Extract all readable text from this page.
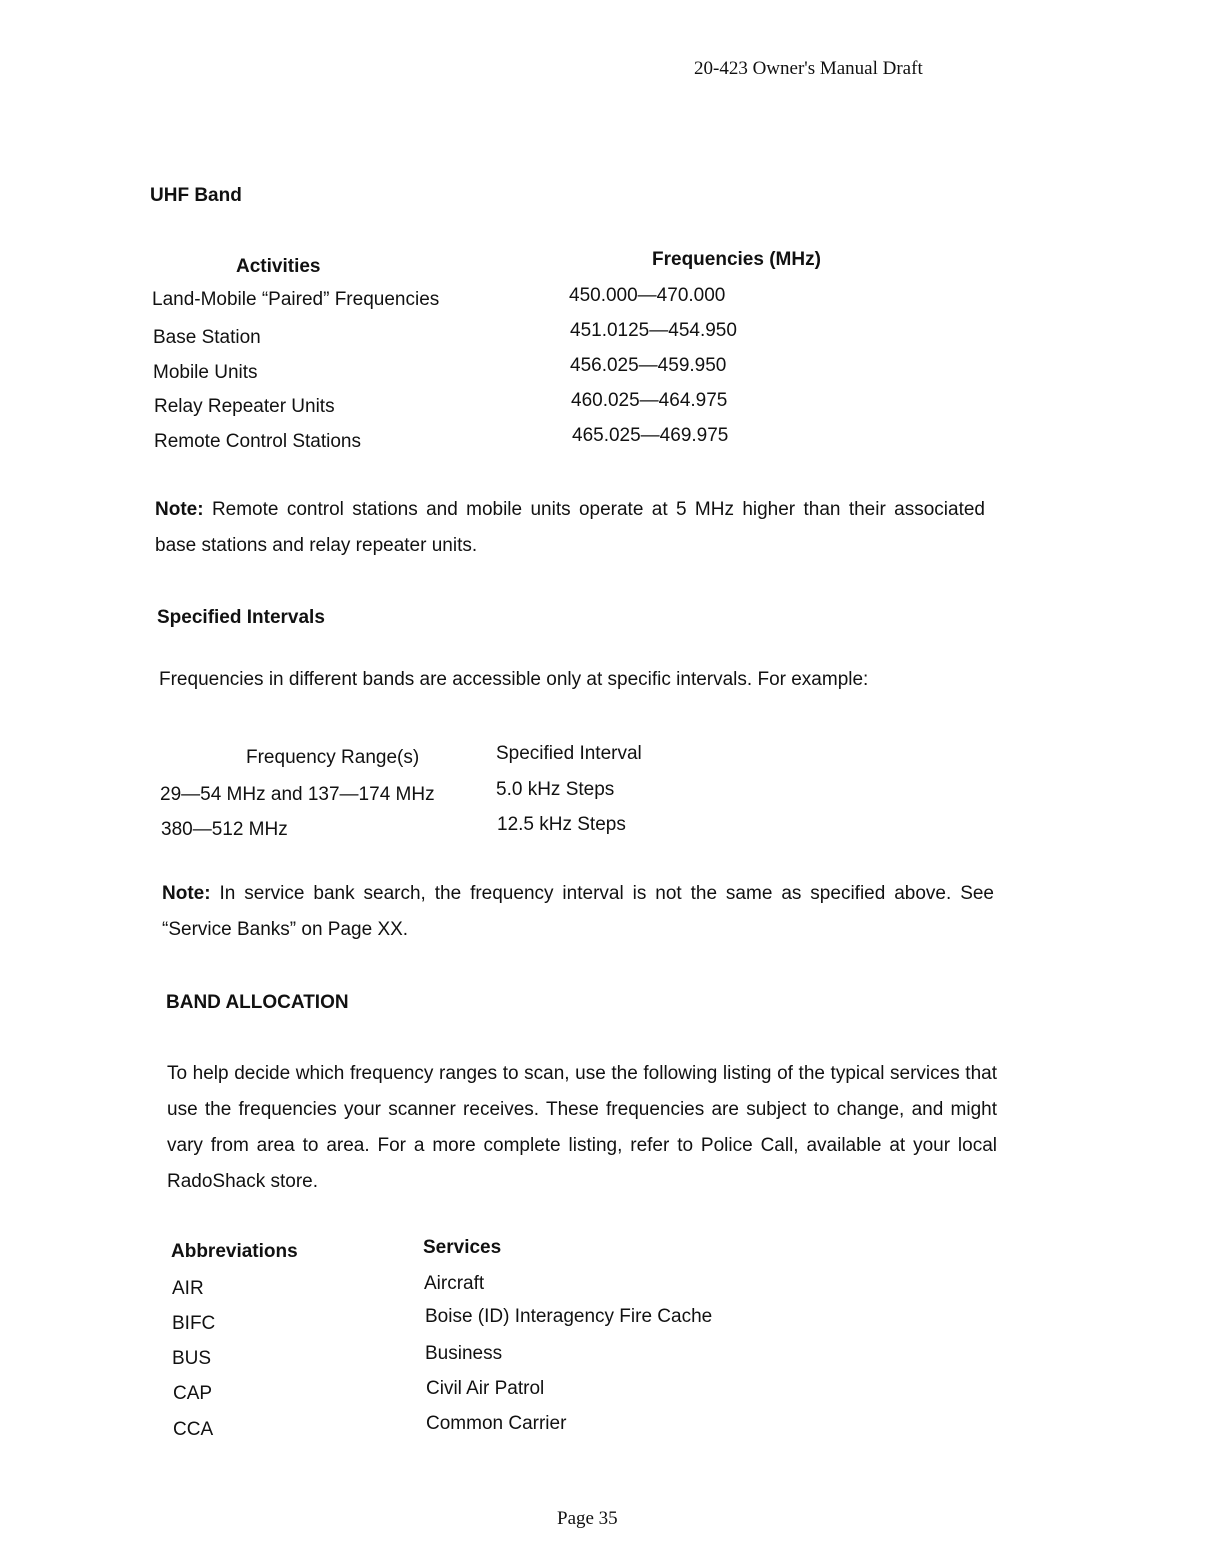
20-423 Owner's Manual Draft
UHF Band
Activities	Frequencies (MHz)
Land-Mobile “Paired” Frequencies	450.000—470.000
Base Station	451.0125—454.950
Mobile Units	456.025—459.950
Relay Repeater Units	460.025—464.975
Remote Control Stations	465.025—469.975
Note: Remote control stations and mobile units operate at 5 MHz higher than their associated base stations and relay repeater units.
Specified Intervals
Frequencies in different bands are accessible only at specific intervals. For example:
Frequency Range(s)	Specified Interval
29—54 MHz and 137—174 MHz	5.0 kHz Steps
380—512 MHz	12.5 kHz Steps
Note: In service bank search, the frequency interval is not the same as specified above. See “Service Banks” on Page XX.
BAND ALLOCATION
To help decide which frequency ranges to scan, use the following listing of the typical services that use the frequencies your scanner receives. These frequencies are subject to change, and might vary from area to area. For a more complete listing, refer to Police Call, available at your local RadoShack store.
Abbreviations	Services
AIR	Aircraft
BIFC	Boise (ID) Interagency Fire Cache
BUS	Business
CAP	Civil Air Patrol
CCA	Common Carrier
Page 35
